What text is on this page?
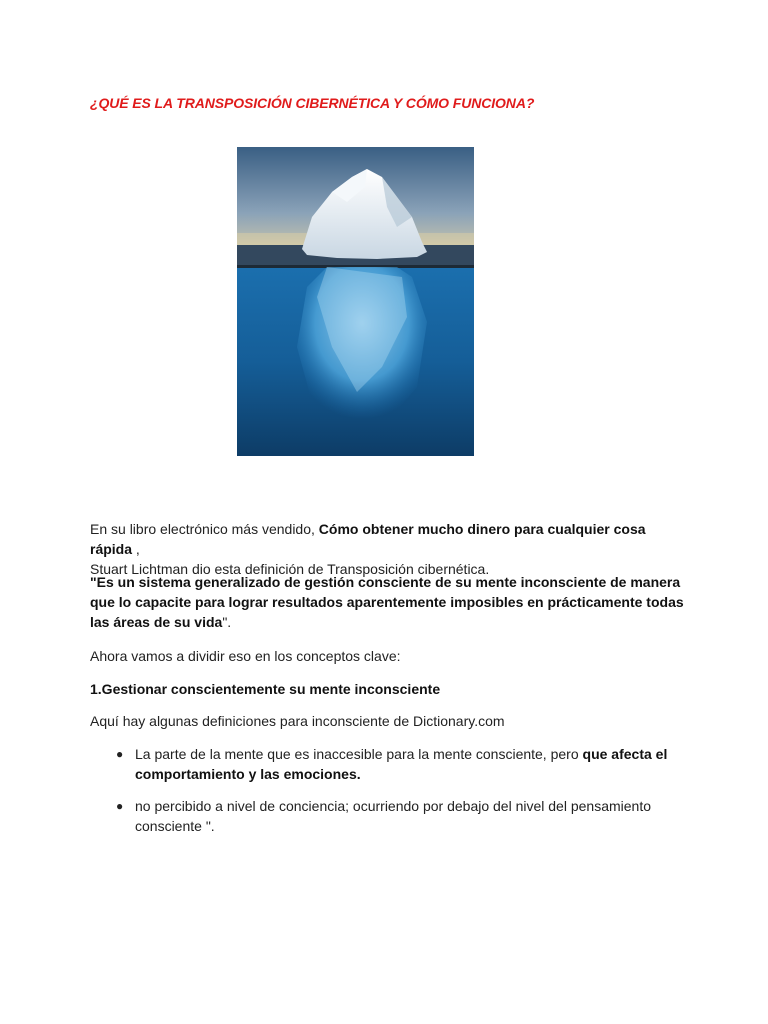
¿QUÉ ES LA TRANSPOSICIÓN CIBERNÉTICA Y CÓMO FUNCIONA?

En su libro electrónico más vendido, Cómo obtener mucho dinero para cualquier cosa rápida ,
Stuart Lichtman dio esta definición de Transposición cibernética.

"Es un sistema generalizado de gestión consciente de su mente inconsciente de manera que lo capacite para lograr resultados aparentemente imposibles en prácticamente todas las áreas de su vida".

Ahora vamos a dividir eso en los conceptos clave:

1.Gestionar conscientemente su mente inconsciente

Aquí hay algunas definiciones para inconsciente de Dictionary.com

● La parte de la mente que es inaccesible para la mente consciente, pero que afecta el comportamiento y las emociones.
● no percibido a nivel de conciencia; ocurriendo por debajo del nivel del pensamiento consciente ".
